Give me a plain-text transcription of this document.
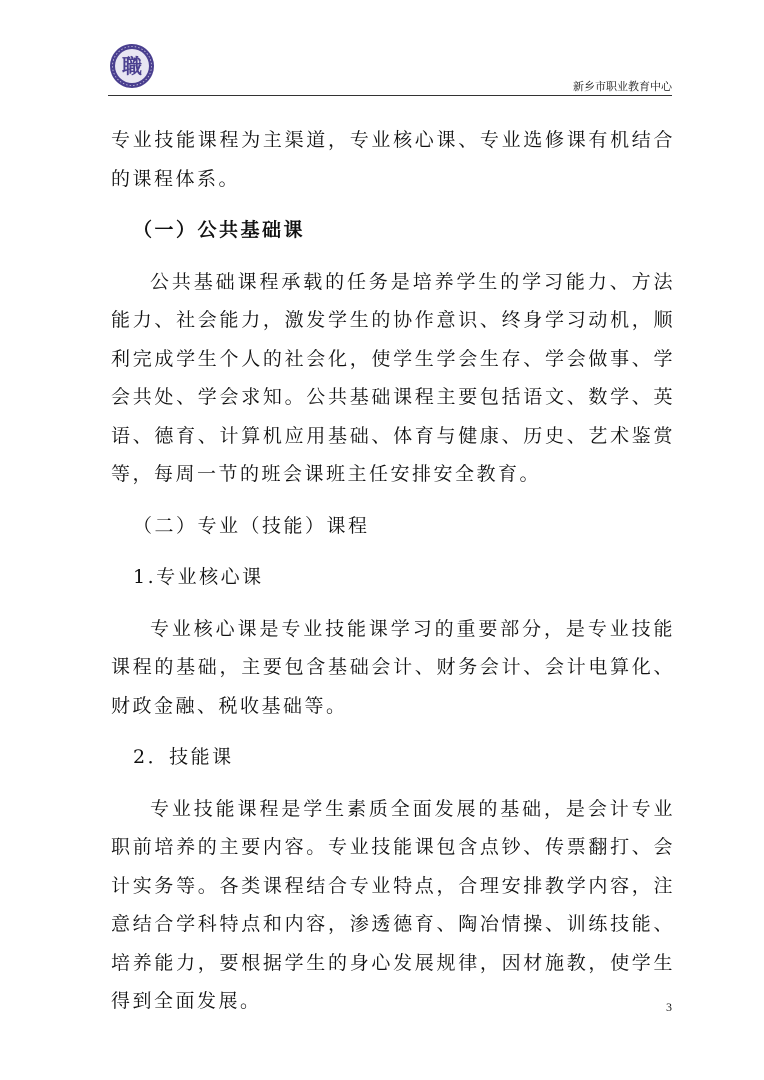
職
新乡市职业教育中心

专业技能课程为主渠道，专业核心课、专业选修课有机结合的课程体系。

（一）公共基础课

公共基础课程承载的任务是培养学生的学习能力、方法能力、社会能力，激发学生的协作意识、终身学习动机，顺利完成学生个人的社会化，使学生学会生存、学会做事、学会共处、学会求知。公共基础课程主要包括语文、数学、英语、德育、计算机应用基础、体育与健康、历史、艺术鉴赏等，每周一节的班会课班主任安排安全教育。

（二）专业（技能）课程

1.专业核心课

专业核心课是专业技能课学习的重要部分，是专业技能课程的基础，主要包含基础会计、财务会计、会计电算化、财政金融、税收基础等。

2．技能课

专业技能课程是学生素质全面发展的基础，是会计专业职前培养的主要内容。专业技能课包含点钞、传票翻打、会计实务等。各类课程结合专业特点，合理安排教学内容，注意结合学科特点和内容，渗透德育、陶冶情操、训练技能、培养能力，要根据学生的身心发展规律，因材施教，使学生得到全面发展。	3
